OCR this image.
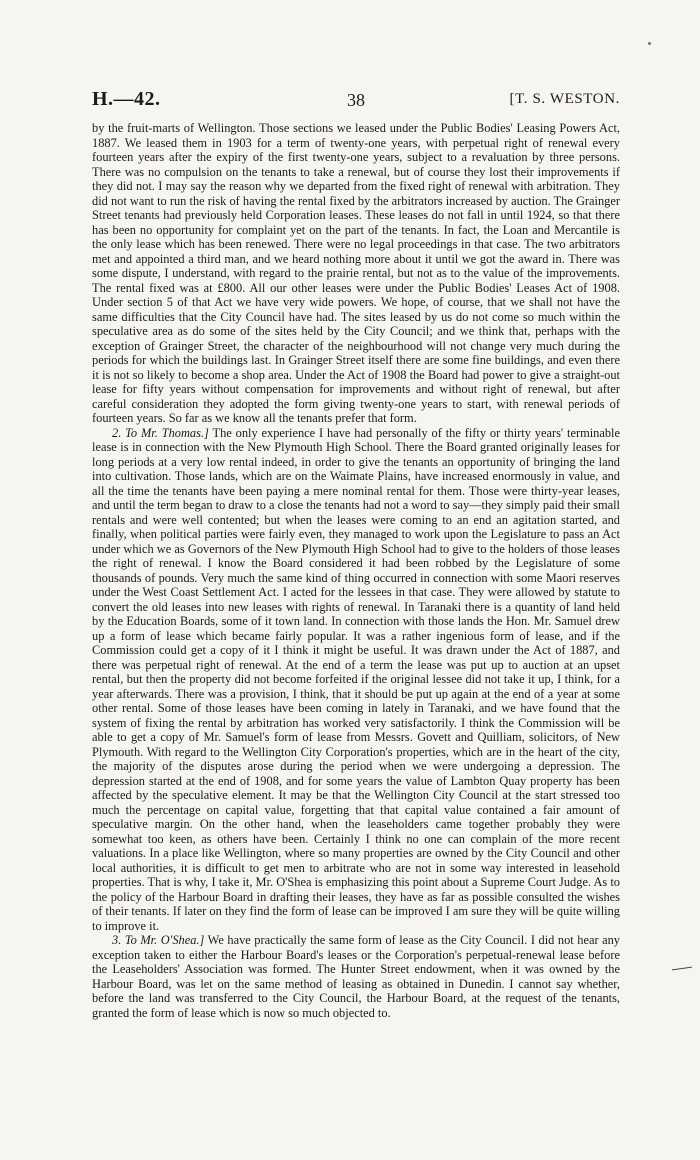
H.—42.	38	[T. S. WESTON.

by the fruit-marts of Wellington. Those sections we leased under the Public Bodies' Leasing Powers Act, 1887. We leased them in 1903 for a term of twenty-one years, with perpetual right of renewal every fourteen years after the expiry of the first twenty-one years, subject to a revaluation by three persons. There was no compulsion on the tenants to take a renewal, but of course they lost their improvements if they did not. I may say the reason why we departed from the fixed right of renewal with arbitration. They did not want to run the risk of having the rental fixed by the arbitrators increased by auction. The Grainger Street tenants had previously held Corporation leases. These leases do not fall in until 1924, so that there has been no opportunity for complaint yet on the part of the tenants. In fact, the Loan and Mercantile is the only lease which has been renewed. There were no legal proceedings in that case. The two arbitrators met and appointed a third man, and we heard nothing more about it until we got the award in. There was some dispute, I understand, with regard to the prairie rental, but not as to the value of the improvements. The rental fixed was at £800. All our other leases were under the Public Bodies' Leases Act of 1908. Under section 5 of that Act we have very wide powers. We hope, of course, that we shall not have the same difficulties that the City Council have had. The sites leased by us do not come so much within the speculative area as do some of the sites held by the City Council; and we think that, perhaps with the exception of Grainger Street, the character of the neighbourhood will not change very much during the periods for which the buildings last. In Grainger Street itself there are some fine buildings, and even there it is not so likely to become a shop area. Under the Act of 1908 the Board had power to give a straight-out lease for fifty years without compensation for improvements and without right of renewal, but after careful consideration they adopted the form giving twenty-one years to start, with renewal periods of fourteen years. So far as we know all the tenants prefer that form.

2. To Mr. Thomas.] The only experience I have had personally of the fifty or thirty years' terminable lease is in connection with the New Plymouth High School. There the Board granted originally leases for long periods at a very low rental indeed, in order to give the tenants an opportunity of bringing the land into cultivation. Those lands, which are on the Waimate Plains, have increased enormously in value, and all the time the tenants have been paying a mere nominal rental for them. Those were thirty-year leases, and until the term began to draw to a close the tenants had not a word to say—they simply paid their small rentals and were well contented; but when the leases were coming to an end an agitation started, and finally, when political parties were fairly even, they managed to work upon the Legislature to pass an Act under which we as Governors of the New Plymouth High School had to give to the holders of those leases the right of renewal. I know the Board considered it had been robbed by the Legislature of some thousands of pounds. Very much the same kind of thing occurred in connection with some Maori reserves under the West Coast Settlement Act. I acted for the lessees in that case. They were allowed by statute to convert the old leases into new leases with rights of renewal. In Taranaki there is a quantity of land held by the Education Boards, some of it town land. In connection with those lands the Hon. Mr. Samuel drew up a form of lease which became fairly popular. It was a rather ingenious form of lease, and if the Commission could get a copy of it I think it might be useful. It was drawn under the Act of 1887, and there was perpetual right of renewal. At the end of a term the lease was put up to auction at an upset rental, but then the property did not become forfeited if the original lessee did not take it up, I think, for a year afterwards. There was a provision, I think, that it should be put up again at the end of a year at some other rental. Some of those leases have been coming in lately in Taranaki, and we have found that the system of fixing the rental by arbitration has worked very satisfactorily. I think the Commission will be able to get a copy of Mr. Samuel's form of lease from Messrs. Govett and Quilliam, solicitors, of New Plymouth. With regard to the Wellington City Corporation's properties, which are in the heart of the city, the majority of the disputes arose during the period when we were undergoing a depression. The depression started at the end of 1908, and for some years the value of Lambton Quay property has been affected by the speculative element. It may be that the Wellington City Council at the start stressed too much the percentage on capital value, forgetting that that capital value contained a fair amount of speculative margin. On the other hand, when the leaseholders came together probably they were somewhat too keen, as others have been. Certainly I think no one can complain of the more recent valuations. In a place like Wellington, where so many properties are owned by the City Council and other local authorities, it is difficult to get men to arbitrate who are not in some way interested in leasehold properties. That is why, I take it, Mr. O'Shea is emphasizing this point about a Supreme Court Judge. As to the policy of the Harbour Board in drafting their leases, they have as far as possible consulted the wishes of their tenants. If later on they find the form of lease can be improved I am sure they will be quite willing to improve it.

3. To Mr. O'Shea.] We have practically the same form of lease as the City Council. I did not hear any exception taken to either the Harbour Board's leases or the Corporation's perpetual-renewal lease before the Leaseholders' Association was formed. The Hunter Street endowment, when it was owned by the Harbour Board, was let on the same method of leasing as obtained in Dunedin. I cannot say whether, before the land was transferred to the City Council, the Harbour Board, at the request of the tenants, granted the form of lease which is now so much objected to.
